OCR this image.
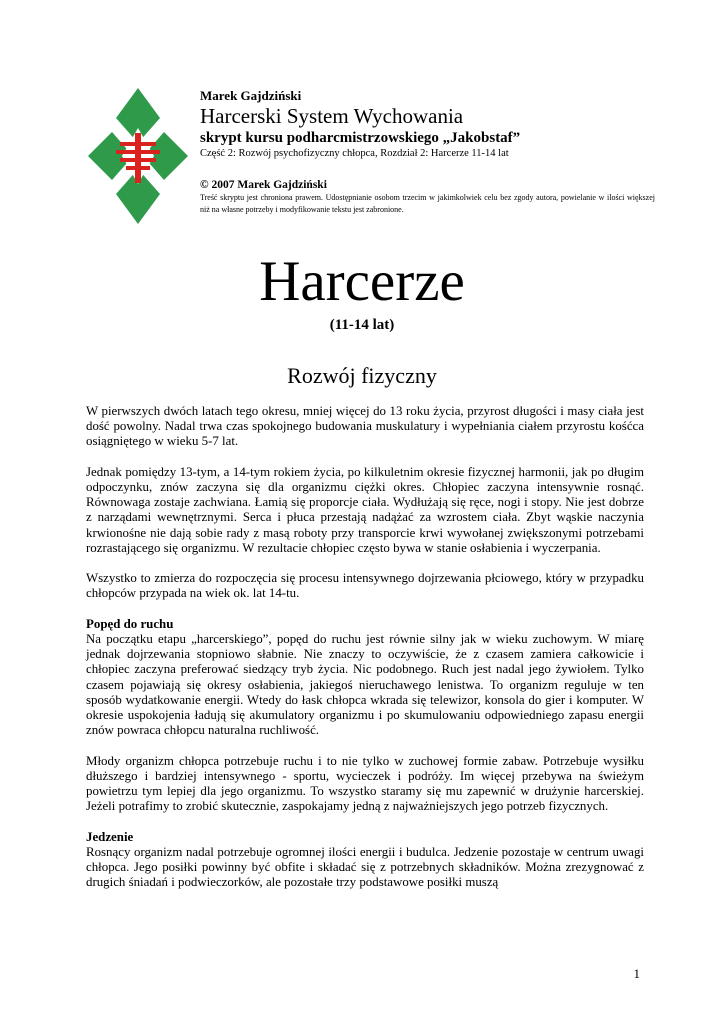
Marek Gajdziński
Harcerski System Wychowania
skrypt kursu podharcmistrzowskiego „Jakobstaf”
Część 2: Rozwój psychofizyczny chłopca, Rozdział 2: Harcerze 11-14 lat
© 2007 Marek Gajdziński
Treść skryptu jest chroniona prawem. Udostępnianie osobom trzecim w jakimkolwiek celu bez zgody autora, powielanie w ilości większej niż na własne potrzeby i modyfikowanie tekstu jest zabronione.
Harcerze
(11-14 lat)
Rozwój fizyczny

W pierwszych dwóch latach tego okresu, mniej więcej do 13 roku życia, przyrost długości i masy ciała jest dość powolny. Nadal trwa czas spokojnego budowania muskulatury i wypełniania ciałem przyrostu kośćca osiągniętego w wieku 5-7 lat.

Jednak pomiędzy 13-tym, a 14-tym rokiem życia, po kilkuletnim okresie fizycznej harmonii, jak po długim odpoczynku, znów zaczyna się dla organizmu ciężki okres. Chłopiec zaczyna intensywnie rosnąć. Równowaga zostaje zachwiana. Łamią się proporcje ciała. Wydłużają się ręce, nogi i stopy. Nie jest dobrze z narządami wewnętrznymi. Serca i płuca przestają nadążać za wzrostem ciała. Zbyt wąskie naczynia krwionośne nie dają sobie rady z masą roboty przy transporcie krwi wywołanej zwiększonymi potrzebami rozrastającego się organizmu. W rezultacie chłopiec często bywa w stanie osłabienia i wyczerpania.

Wszystko to zmierza do rozpoczęcia się procesu intensywnego dojrzewania płciowego, który w przypadku chłopców przypada na wiek ok. lat 14-tu.

Popęd do ruchu

Na początku etapu „harcerskiego”, popęd do ruchu jest równie silny jak w wieku zuchowym. W miarę jednak dojrzewania stopniowo słabnie. Nie znaczy to oczywiście, że z czasem zamiera całkowicie i chłopiec zaczyna preferować siedzący tryb życia. Nic podobnego. Ruch jest nadal jego żywiołem. Tylko czasem pojawiają się okresy osłabienia, jakiegoś nieruchawego lenistwa. To organizm reguluje w ten sposób wydatkowanie energii. Wtedy do łask chłopca wkrada się telewizor, konsola do gier i komputer. W okresie uspokojenia ładują się akumulatory organizmu i po skumulowaniu odpowiedniego zapasu energii znów powraca chłopcu naturalna ruchliwość.

Młody organizm chłopca potrzebuje ruchu i to nie tylko w zuchowej formie zabaw. Potrzebuje wysiłku dłuższego i bardziej intensywnego - sportu, wycieczek i podróży. Im więcej przebywa na świeżym powietrzu tym lepiej dla jego organizmu. To wszystko staramy się mu zapewnić w drużynie harcerskiej. Jeżeli potrafimy to zrobić skutecznie, zaspokajamy jedną z najważniejszych jego potrzeb fizycznych.

Jedzenie

Rosnący organizm nadal potrzebuje ogromnej ilości energii i budulca. Jedzenie pozostaje w centrum uwagi chłopca. Jego posiłki powinny być obfite i składać się z potrzebnych składników. Można zrezygnować z drugich śniadań i podwieczorków, ale pozostałe trzy podstawowe posiłki muszą

1
